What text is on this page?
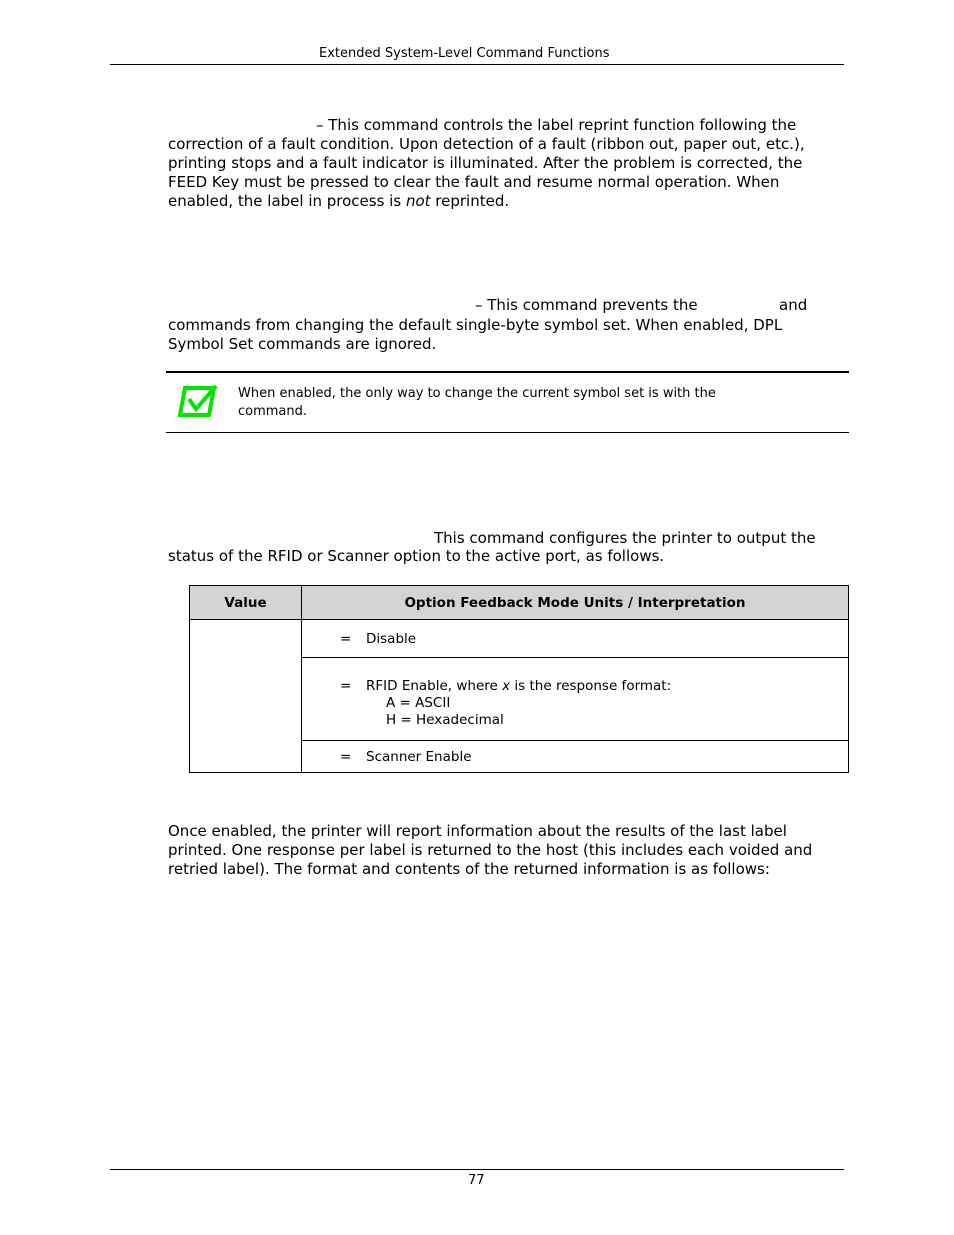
Extended System-Level Command Functions
– This command controls the label reprint function following the
correction of a fault condition. Upon detection of a fault (ribbon out, paper out, etc.),
printing stops and a fault indicator is illuminated. After the problem is corrected, the
FEED Key must be pressed to clear the fault and resume normal operation. When
enabled, the label in process is not reprinted.
– This command prevents the	and
commands from changing the default single-byte symbol set. When enabled, DPL
Symbol Set commands are ignored.
When enabled, the only way to change the current symbol set is with the
command.
This command configures the printer to output the
status of the RFID or Scanner option to the active port, as follows.
Value	Option Feedback Mode Units / Interpretation

	= Disable

	= RFID Enable, where x is the response format:
A = ASCII
H = Hexadecimal

	= Scanner Enable
Once enabled, the printer will report information about the results of the last label
printed. One response per label is returned to the host (this includes each voided and
retried label). The format and contents of the returned information is as follows:
77
